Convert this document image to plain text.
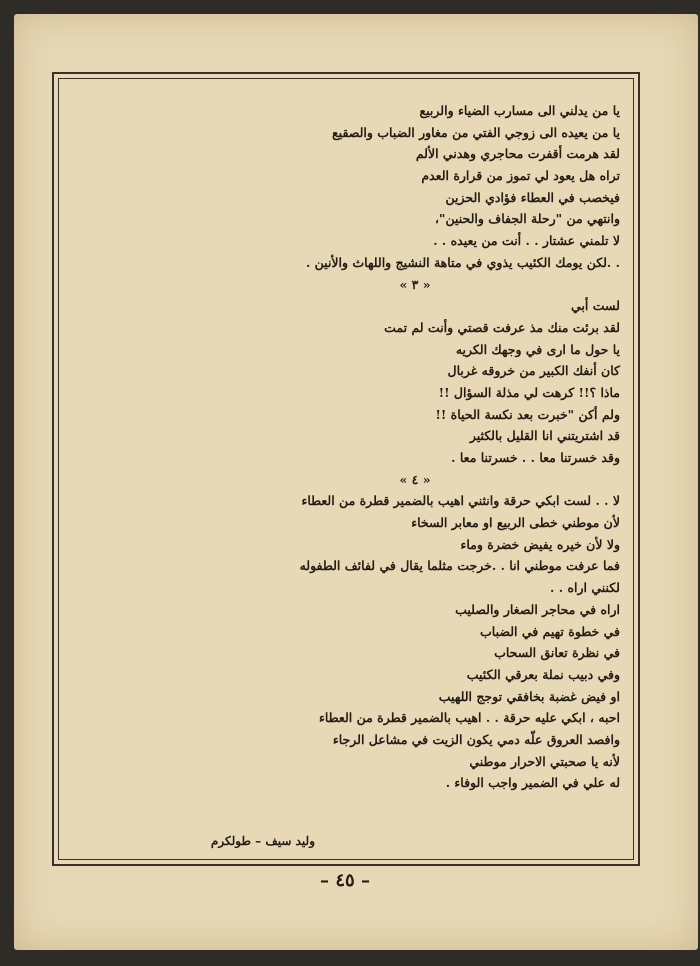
يا من يدلني الى مسارب الضياء والربيع
يا من يعيده الى زوجي الفتي من مغاور الضباب والصقيع
لقد هرمت أقفرت محاجري وهدني الألم
تراه هل يعود لي تموز من قرارة العدم
فيخصب في العطاء فؤادي الحزين
وانتهي من "رحلة الجفاف والحنين"،
لا تلمني عشتار . . أنت من يعيده . .
. .لكن يومك الكئيب يذوي في متاهة النشيج واللهاث والأنين .
« ٣ »
لست أبي
لقد برئت منك مذ عرفت قصتي وأنت لم تمت
يا حول ما ارى في وجهك الكريه
كان أنفك الكبير من خروقه غربال
ماذا ؟!! كرهت لي مذلة السؤال !!
ولم أكن "خبرت بعد نكسة الحياة !!
قد اشتريتني انا القليل بالكثير
وقد خسرتنا معا . . خسرتنا معا .
« ٤ »
لا . . لست ابكي حرقة وانثني اهيب بالضمير قطرة من العطاء
لأن موطني خطى الربيع او معابر السخاء
ولا لأن خيره يفيض خضرة وماء
فما عرفت موطني انا . .خرجت مثلما يقال في لفائف الطفوله
لكنني اراه . .
اراه في محاجر الصغار والصليب
في خطوة تهيم في الضباب
في نظرة تعانق السحاب
وفي دبيب نملة بعرقي الكئيب
او فيض غضبة بخافقي توجج اللهيب
احبه ، ابكي عليه حرقة . . اهيب بالضمير قطرة من العطاء
وافصد العروق علّه دمي يكون الزيت في مشاعل الرجاء
لأنه يا صحبتي الاحرار موطني
له علي في الضمير واجب الوفاء .
وليد سيف – طولكرم
– ٤٥ –
